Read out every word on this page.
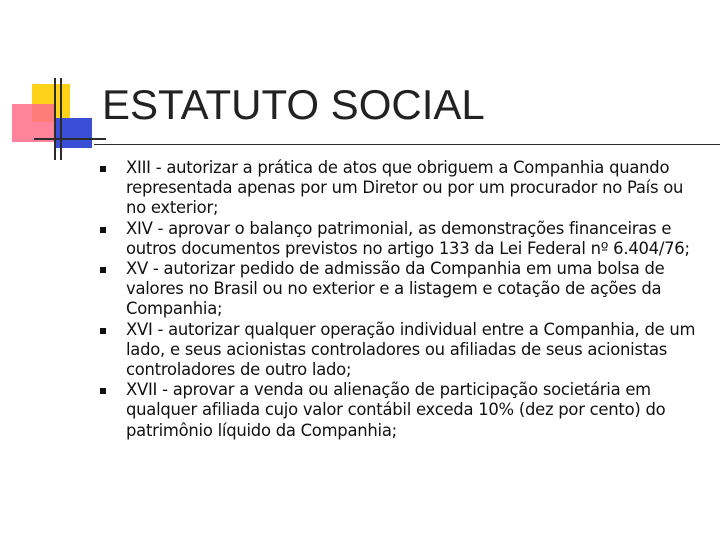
ESTATUTO SOCIAL
XIII - autorizar a prática de atos que obriguem a Companhia quando representada apenas por um Diretor ou por um procurador no País ou no exterior;
XIV - aprovar o balanço patrimonial, as demonstrações financeiras e outros documentos previstos no artigo 133 da Lei Federal nº 6.404/76;
XV - autorizar pedido de admissão da Companhia em uma bolsa de valores no Brasil ou no exterior e a listagem e cotação de ações da Companhia;
XVI - autorizar qualquer operação individual entre a Companhia, de um lado, e seus acionistas controladores ou afiliadas de seus acionistas controladores de outro lado;
XVII - aprovar a venda ou alienação de participação societária em qualquer afiliada cujo valor contábil exceda 10% (dez por cento) do patrimônio líquido da Companhia;
